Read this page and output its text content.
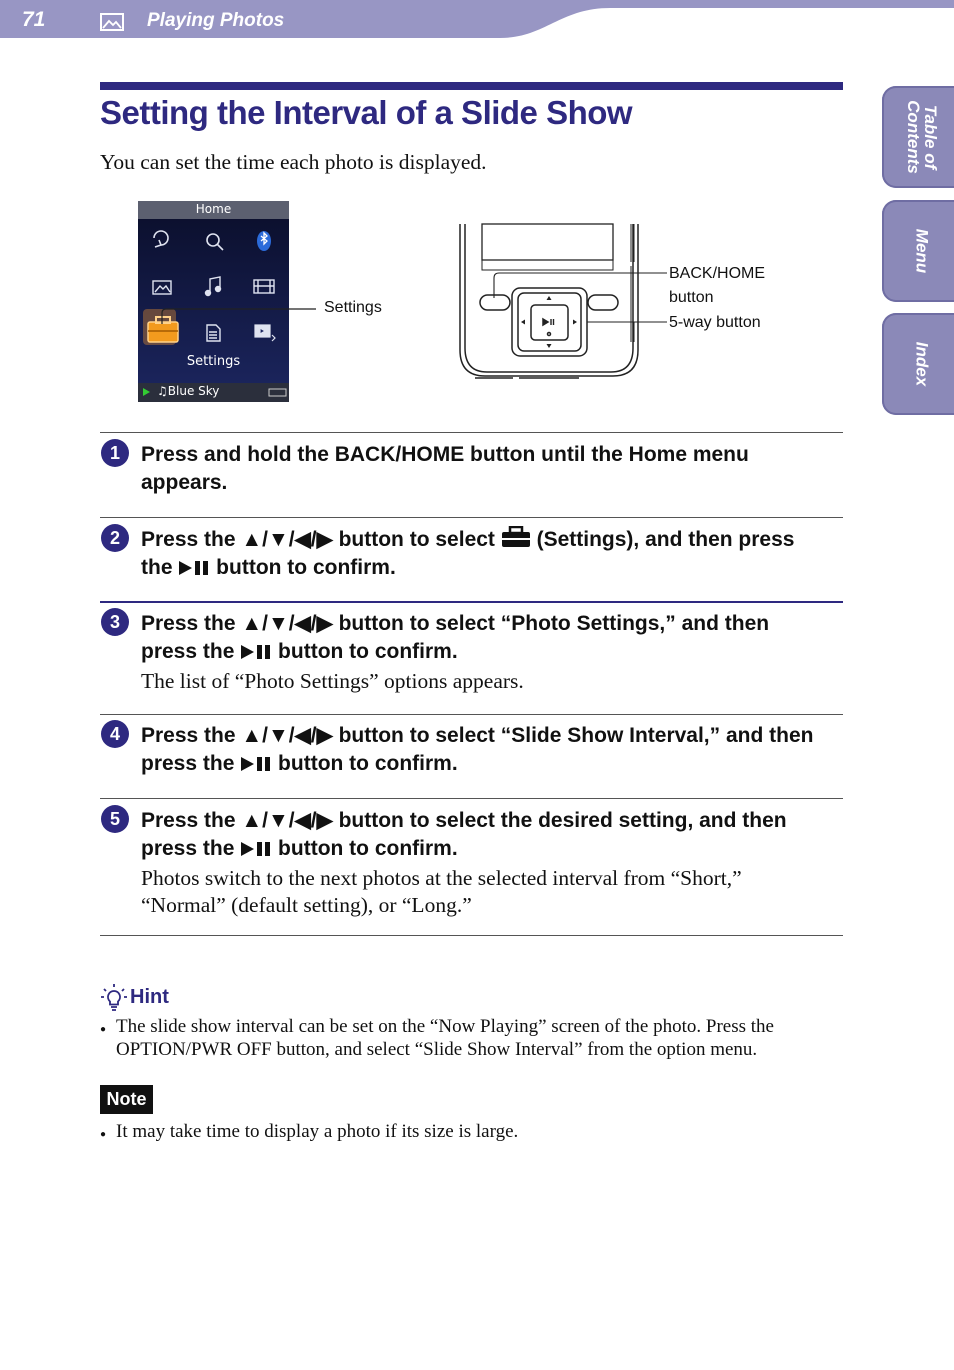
71	Playing Photos
Table of Contents
Menu
Index
Setting the Interval of a Slide Show
You can set the time each photo is displayed.
Home
Settings
♫Blue Sky
Settings
BACK/HOME
button
5-way button
1	Press and hold the BACK/HOME button until the Home menu
appears.
2	Press the ▲/▼/◀/▶ button to select  (Settings), and then press
the  button to confirm.
3	Press the ▲/▼/◀/▶ button to select “Photo Settings,” and then
press the  button to confirm.
The list of “Photo Settings” options appears.
4	Press the ▲/▼/◀/▶ button to select “Slide Show Interval,” and then
press the  button to confirm.
5	Press the ▲/▼/◀/▶ button to select the desired setting, and then
press the  button to confirm.
Photos switch to the next photos at the selected interval from “Short,”
“Normal” (default setting), or “Long.”
Hint
● The slide show interval can be set on the “Now Playing” screen of the photo. Press the OPTION/PWR OFF button, and select “Slide Show Interval” from the option menu.
Note
● It may take time to display a photo if its size is large.
